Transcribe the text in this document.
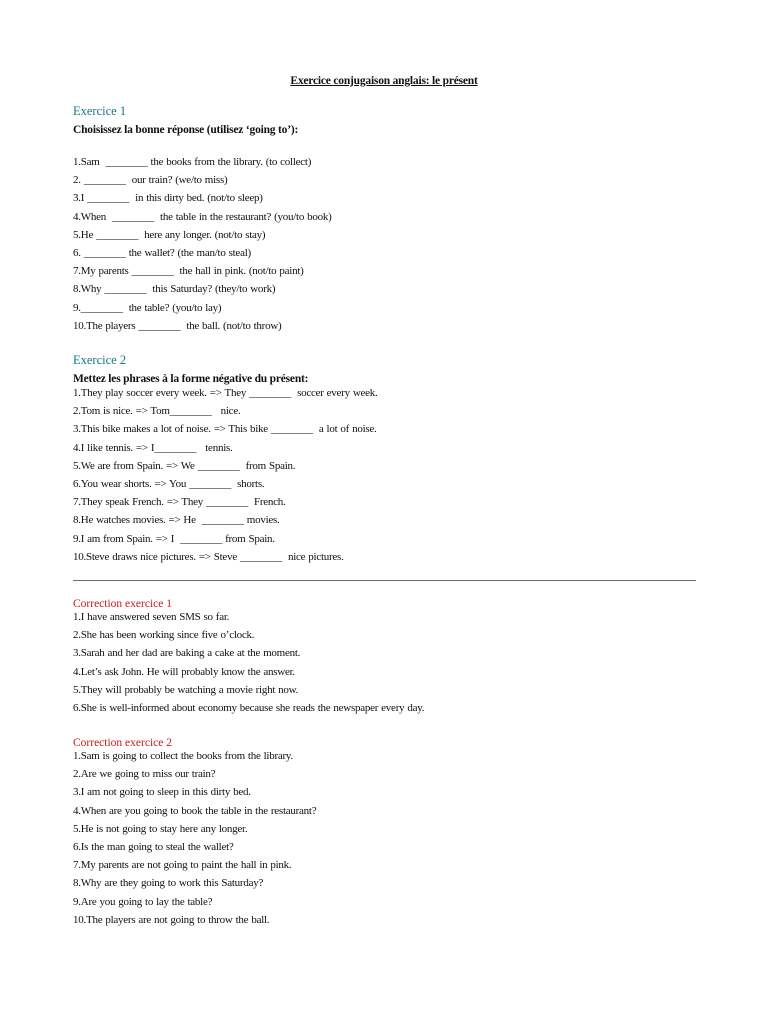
Exercice conjugaison anglais: le présent
Exercice 1
Choisissez la bonne réponse (utilisez ‘going to’):
1.Sam  ________ the books from the library. (to collect)
2. ________  our train? (we/to miss)
3.I ________  in this dirty bed. (not/to sleep)
4.When  ________  the table in the restaurant? (you/to book)
5.He ________  here any longer. (not/to stay)
6. ________ the wallet? (the man/to steal)
7.My parents ________  the hall in pink. (not/to paint)
8.Why ________  this Saturday? (they/to work)
9.________  the table? (you/to lay)
10.The players ________  the ball. (not/to throw)
Exercice 2
Mettez les phrases à la forme négative du présent:
1.They play soccer every week. => They ________  soccer every week.
2.Tom is nice. => Tom________   nice.
3.This bike makes a lot of noise. => This bike ________  a lot of noise.
4.I like tennis. => I________   tennis.
5.We are from Spain. => We ________  from Spain.
6.You wear shorts. => You ________  shorts.
7.They speak French. => They ________  French.
8.He watches movies. => He  ________ movies.
9.I am from Spain. => I  ________ from Spain.
10.Steve draws nice pictures. => Steve ________  nice pictures.
Correction exercice 1
1.I have answered seven SMS so far.
2.She has been working since five o’clock.
3.Sarah and her dad are baking a cake at the moment.
4.Let’s ask John. He will probably know the answer.
5.They will probably be watching a movie right now.
6.She is well-informed about economy because she reads the newspaper every day.
Correction exercice 2
1.Sam is going to collect the books from the library.
2.Are we going to miss our train?
3.I am not going to sleep in this dirty bed.
4.When are you going to book the table in the restaurant?
5.He is not going to stay here any longer.
6.Is the man going to steal the wallet?
7.My parents are not going to paint the hall in pink.
8.Why are they going to work this Saturday?
9.Are you going to lay the table?
10.The players are not going to throw the ball.
